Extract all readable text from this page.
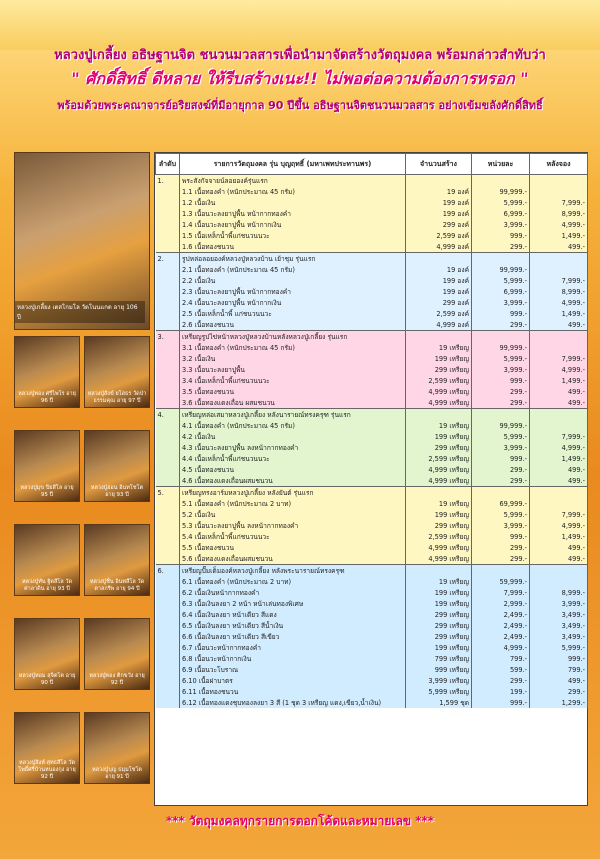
หลวงปู่เกลี้ยง อธิษฐานจิต ชนวนมวลสารเพื่อนำมาจัดสร้างวัตถุมงคล พร้อมกล่าวสำทับว่า
" ศักดิ์สิทธิ์ ดีหลาย ให้รีบสร้างเนะ!! ไม่พอต่อความต้องการหรอก "
พร้อมด้วยพระคณาจารย์อริยสงฆ์ที่มีอายุกาล 90 ปีขึ้น อธิษฐานจิตชนวนมวลสาร อย่างเข้มขลังศักดิ์สิทธิ์
หลวงปู่เกลี้ยง เตสโกมโล วัดโนนแกด อายุ 106 ปี
หลวงปู่ทอง ศรีไพโร อายุ 96 ปี
หลวงปู่สังข์ ยโสธร วัดป่าธรรมคุณ อายุ 97 ปี
หลวงปู่มุข ปิยสีโล อายุ 95 ปี
หลวงปู่อ่อน อินทโชโต อายุ 93 ปี
หลวงปู่ทัน ฐิตสีโล วัดศาลาดิน อายุ 93 ปี
หลวงปู่ชื่น อินทสีโล วัดตาลกรีพ อายุ 94 ปี
หลวงปู่หอม สุจิตโต อายุ 90 ปี
หลวงปู่ทอง ติกขวัง อายุ 92 ปี
หลวงปู่สิงห์ สุทธสีโล วัดโพธิ์ศรีบ้านหนองกุง อายุ 92 ปี
หลวงปู่บุญ ธมฺมโชโต อายุ 91 ปี
ลำดับ	รายการวัตถุมงคล รุ่น บุญฤทธิ์ (มหาเพทประทานพร)	จำนวนสร้าง	หน่วยละ	หลังจอง
1.	พระสังกัจจายน์ลอยองค์รุ่นแรก			
	1.1 เนื้อทองคำ (หนักประมาณ 45 กรัม)	19 องค์	99,999.-	
	1.2 เนื้อเงิน	199 องค์	5,999.-	7,999.-
	1.3 เนื้อนวะลงยาปูพื้น หน้ากากทองคำ	199 องค์	6,999.-	8,999.-
	1.4 เนื้อนวะลงยาปูพื้น หน้ากากเงิน	299 องค์	3,999.-	4,999.-
	1.5 เนื้อเหล็กน้ำพี้แก่ชนวนนวะ	2,599 องค์	999.-	1,499.-
	1.6 เนื้อทองชนวน	4,999 องค์	299.-	499.-
2.	รูปหล่อลอยองค์หลวงปู่หลวงบ้าน เย้าชุม รุ่นแรก			
	2.1 เนื้อทองคำ (หนักประมาณ 45 กรัม)	19 องค์	99,999.-	
	2.2 เนื้อเงิน	199 องค์	5,999.-	7,999.-
	2.3 เนื้อนวะลงยาปูพื้น หน้ากากทองคำ	199 องค์	6,999.-	8,999.-
	2.4 เนื้อนวะลงยาปูพื้น หน้ากากเงิน	299 องค์	3,999.-	4,999.-
	2.5 เนื้อเหล็กน้ำพี้ แก่ชนวนนวะ	2,599 องค์	999.-	1,499.-
	2.6 เนื้อทองชนวน	4,999 องค์	299.-	499.-
3.	เหรียญรูปไข่หน้าหลวงปู่หลวงบ้านหลังหลวงปู่เกลี้ยง รุ่นแรก			
	3.1 เนื้อทองคำ (หนักประมาณ 45 กรัม)	19 เหรียญ	99,999.-	
	3.2 เนื้อเงิน	199 เหรียญ	5,999.-	7,999.-
	3.3 เนื้อนวะลงยาปูพื้น	299 เหรียญ	3,999.-	4,999.-
	3.4 เนื้อเหล็กน้ำพี้แก่ชนวนนวะ	2,599 เหรียญ	999.-	1,499.-
	3.5 เนื้อทองชนวน	4,999 เหรียญ	299.-	499.-
	3.6 เนื้อทองแดงเถื่อน ผสมชนวน	4,999 เหรียญ	299.-	499.-
4.	เหรียญหล่อเสมาหลวงปู่เกลี้ยง หลังนารายณ์ทรงครุฑ รุ่นแรก			
	4.1 เนื้อทองคำ (หนักประมาณ 45 กรัม)	19 เหรียญ	99,999.-	
	4.2 เนื้อเงิน	199 เหรียญ	5,999.-	7,999.-
	4.3 เนื้อนวะลงยาปูพื้น ลงหน้ากากทองคำ	299 เหรียญ	3,999.-	4,999.-
	4.4 เนื้อเหล็กน้ำพี้แก่ชนวนนวะ	2,599 เหรียญ	999.-	1,499.-
	4.5 เนื้อทองชนวน	4,999 เหรียญ	299.-	499.-
	4.6 เนื้อทองแดงเถื่อนผสมชนวน	4,999 เหรียญ	299.-	499.-
5.	เหรียญทรงอาร์มหลวงปู่เกลี้ยง หลังยันต์ รุ่นแรก			
	5.1 เนื้อทองคำ (หนักประมาณ 2 บาท)	19 เหรียญ	69,999.-	
	5.2 เนื้อเงิน	199 เหรียญ	5,999.-	7,999.-
	5.3 เนื้อนวะลงยาปูพื้น ลงหน้ากากทองคำ	299 เหรียญ	3,999.-	4,999.-
	5.4 เนื้อเหล็กน้ำพี้แก่ชนวนนวะ	2,599 เหรียญ	999.-	1,499.-
	5.5 เนื้อทองชนวน	4,999 เหรียญ	299.-	499.-
	5.6 เนื้อทองแดงเถื่อนผสมชนวน	4,999 เหรียญ	299.-	499.-
6.	เหรียญปั๊มเต็มองค์หลวงปู่เกลี้ยง หลังพระนารายณ์ทรงครุฑ			
	6.1 เนื้อทองคำ (หนักประมาณ 2 บาท)	19 เหรียญ	59,999.-	
	6.2 เนื้อเงินหน้ากากทองคำ	199 เหรียญ	7,999.-	8,999.-
	6.3 เนื้อเงินลงยา 2 หน้า หน้าเล่นทองพิเศษ	199 เหรียญ	2,999.-	3,999.-
	6.4 เนื้อเงินลงยา หน้าเดียว สีแดง	299 เหรียญ	2,499.-	3,499.-
	6.5 เนื้อเงินลงยา หน้าเดียว สีน้ำเงิน	299 เหรียญ	2,499.-	3,499.-
	6.6 เนื้อเงินลงยา หน้าเดียว สีเขียว	299 เหรียญ	2,499.-	3,499.-
	6.7 เนื้อนวะหน้ากากทองคำ	199 เหรียญ	4,999.-	5,999.-
	6.8 เนื้อนวะหน้ากากเงิน	799 เหรียญ	799.-	999.-
	6.9 เนื้อนวะโบราณ	999 เหรียญ	599.-	799.-
	6.10 เนื้อฝาบาตร	3,999 เหรียญ	299.-	499.-
	6.11 เนื้อทองชนวน	5,999 เหรียญ	199.-	299.-
	6.12 เนื้อทองแดงชุบทองลงยา 3 สี (1 ชุด 3 เหรียญ แดง,เขียว,น้ำเงิน)	1,599 ชุด	999.-	1,299.-
*** วัตถุมงคลทุกรายการตอกโค้ดและหมายเลข ***
